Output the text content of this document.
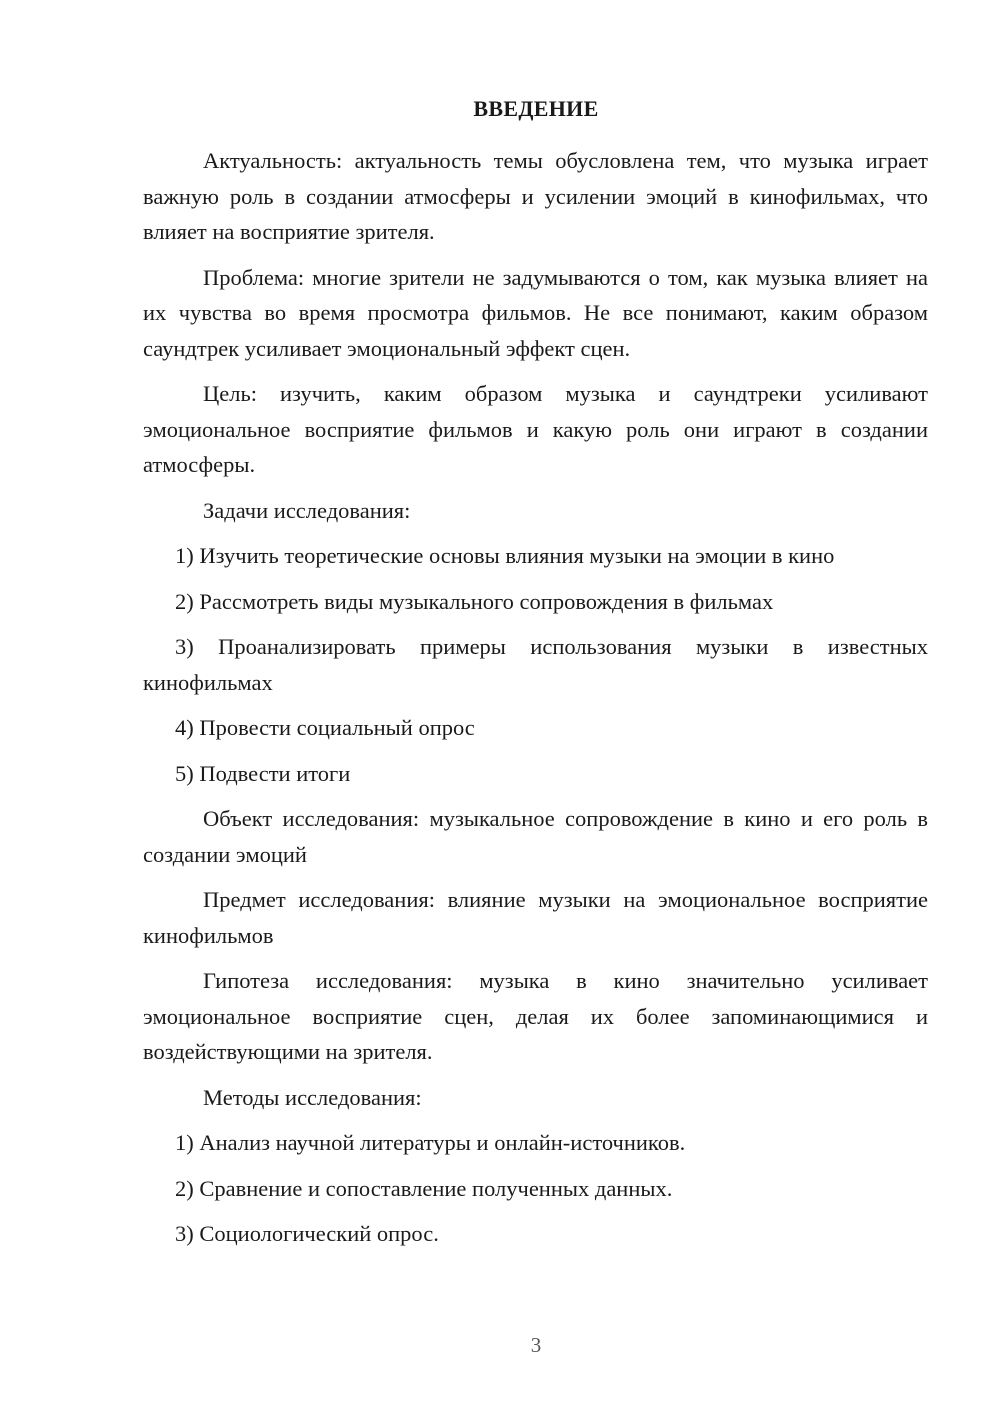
ВВЕДЕНИЕ

Актуальность: актуальность темы обусловлена тем, что музыка играет важную роль в создании атмосферы и усилении эмоций в кинофильмах, что влияет на восприятие зрителя.

Проблема: многие зрители не задумываются о том, как музыка влияет на их чувства во время просмотра фильмов. Не все понимают, каким образом саундтрек усиливает эмоциональный эффект сцен.

Цель: изучить, каким образом музыка и саундтреки усиливают эмоциональное восприятие фильмов и какую роль они играют в создании атмосферы.

Задачи исследования:

1) Изучить теоретические основы влияния музыки на эмоции в кино

2) Рассмотреть виды музыкального сопровождения в фильмах

3) Проанализировать примеры использования музыки в известных кинофильмах

4) Провести социальный опрос

5) Подвести итоги

Объект исследования: музыкальное сопровождение в кино и его роль в создании эмоций

Предмет исследования: влияние музыки на эмоциональное восприятие кинофильмов

Гипотеза исследования: музыка в кино значительно усиливает эмоциональное восприятие сцен, делая их более запоминающимися и воздействующими на зрителя.

Методы исследования:

1) Анализ научной литературы и онлайн-источников.

2) Сравнение и сопоставление полученных данных.

3) Социологический опрос.

3
